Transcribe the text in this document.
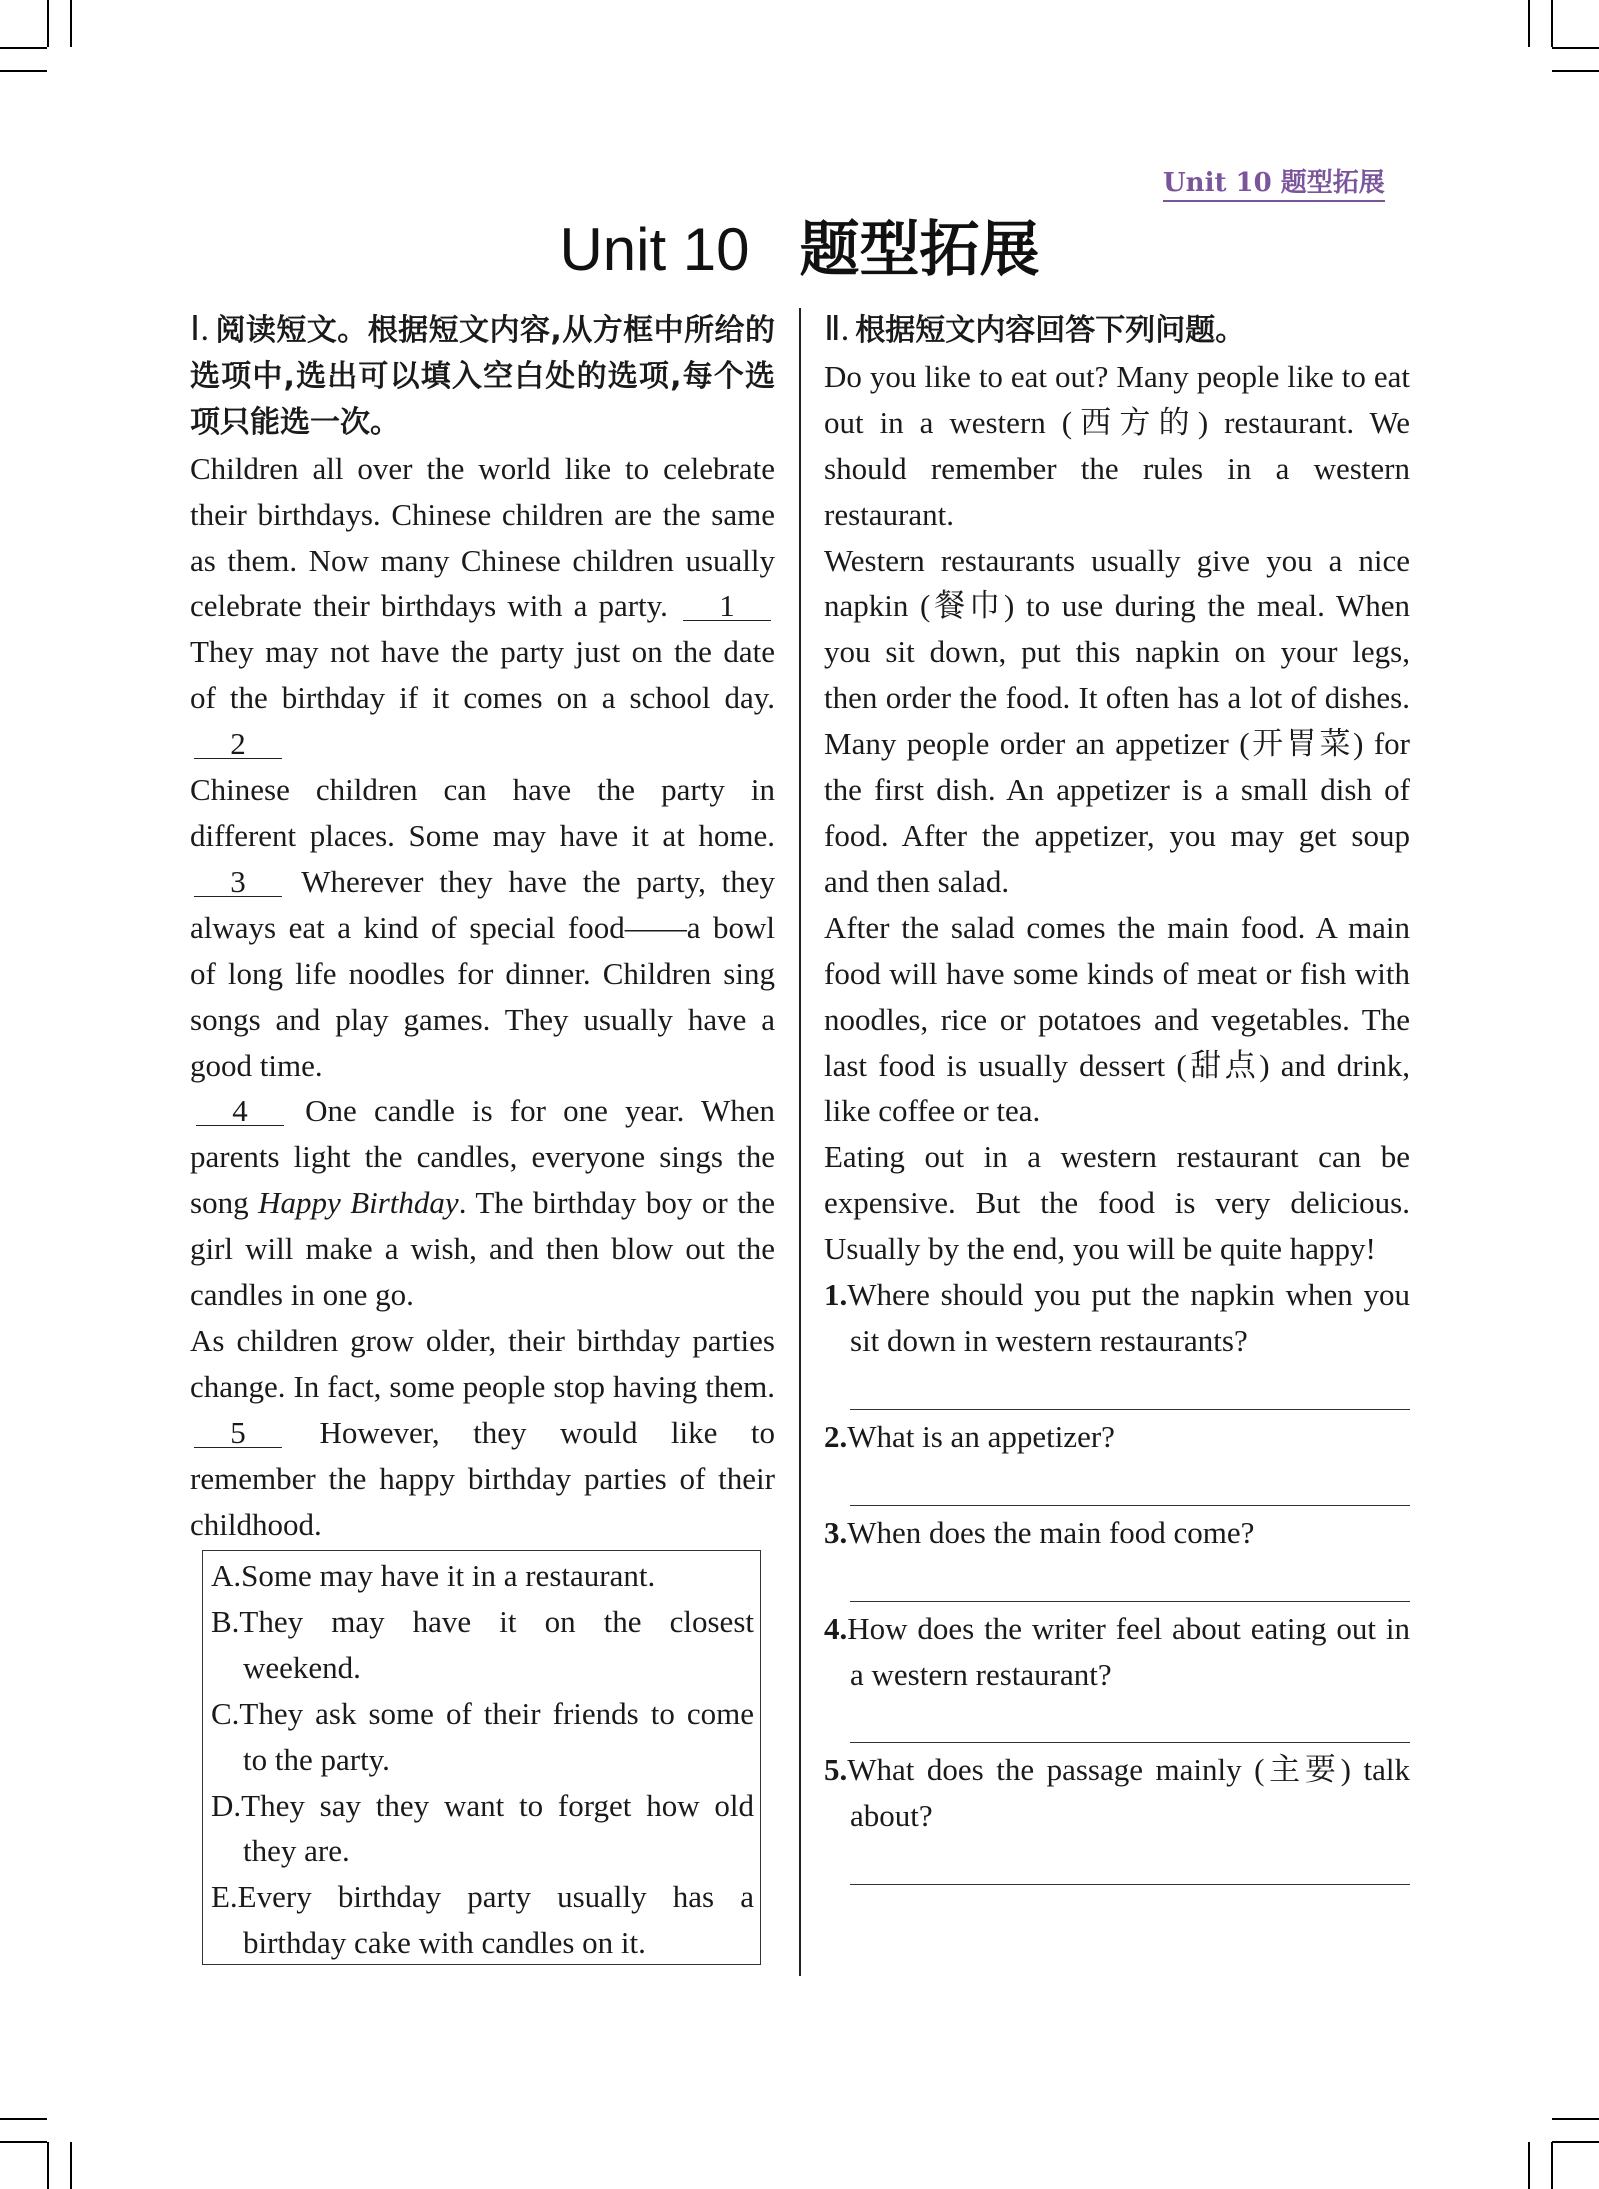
Unit 10 题型拓展
Unit 10 题型拓展
Ⅰ. 阅读短文。根据短文内容,从方框中所给的选项中,选出可以填入空白处的选项,每个选项只能选一次。

Children all over the world like to celebrate their birthdays. Chinese children are the same as them. Now many Chinese children usually celebrate their birthdays with a party. 1 They may not have the party just on the date of the birthday if it comes on a school day. 2

Chinese children can have the party in different places. Some may have it at home. 3 Wherever they have the party, they always eat a kind of special food——a bowl of long life noodles for dinner. Children sing songs and play games. They usually have a good time.

4 One candle is for one year. When parents light the candles, everyone sings the song Happy Birthday. The birthday boy or the girl will make a wish, and then blow out the candles in one go.

As children grow older, their birthday parties change. In fact, some people stop having them. 5 However, they would like to remember the happy birthday parties of their childhood.

A.Some may have it in a restaurant.
B.They may have it on the closest weekend.
C.They ask some of their friends to come to the party.
D.They say they want to forget how old they are.
E.Every birthday party usually has a birthday cake with candles on it.
Ⅱ. 根据短文内容回答下列问题。

Do you like to eat out? Many people like to eat out in a western (西方的) restaurant. We should remember the rules in a western restaurant.

Western restaurants usually give you a nice napkin (餐巾) to use during the meal. When you sit down, put this napkin on your legs, then order the food. It often has a lot of dishes. Many people order an appetizer (开胃菜) for the first dish. An appetizer is a small dish of food. After the appetizer, you may get soup and then salad.

After the salad comes the main food. A main food will have some kinds of meat or fish with noodles, rice or potatoes and vegetables. The last food is usually dessert (甜点) and drink, like coffee or tea.

Eating out in a western restaurant can be expensive. But the food is very delicious. Usually by the end, you will be quite happy!

1.Where should you put the napkin when you sit down in western restaurants?
2.What is an appetizer?
3.When does the main food come?
4.How does the writer feel about eating out in a western restaurant?
5.What does the passage mainly (主要) talk about?
